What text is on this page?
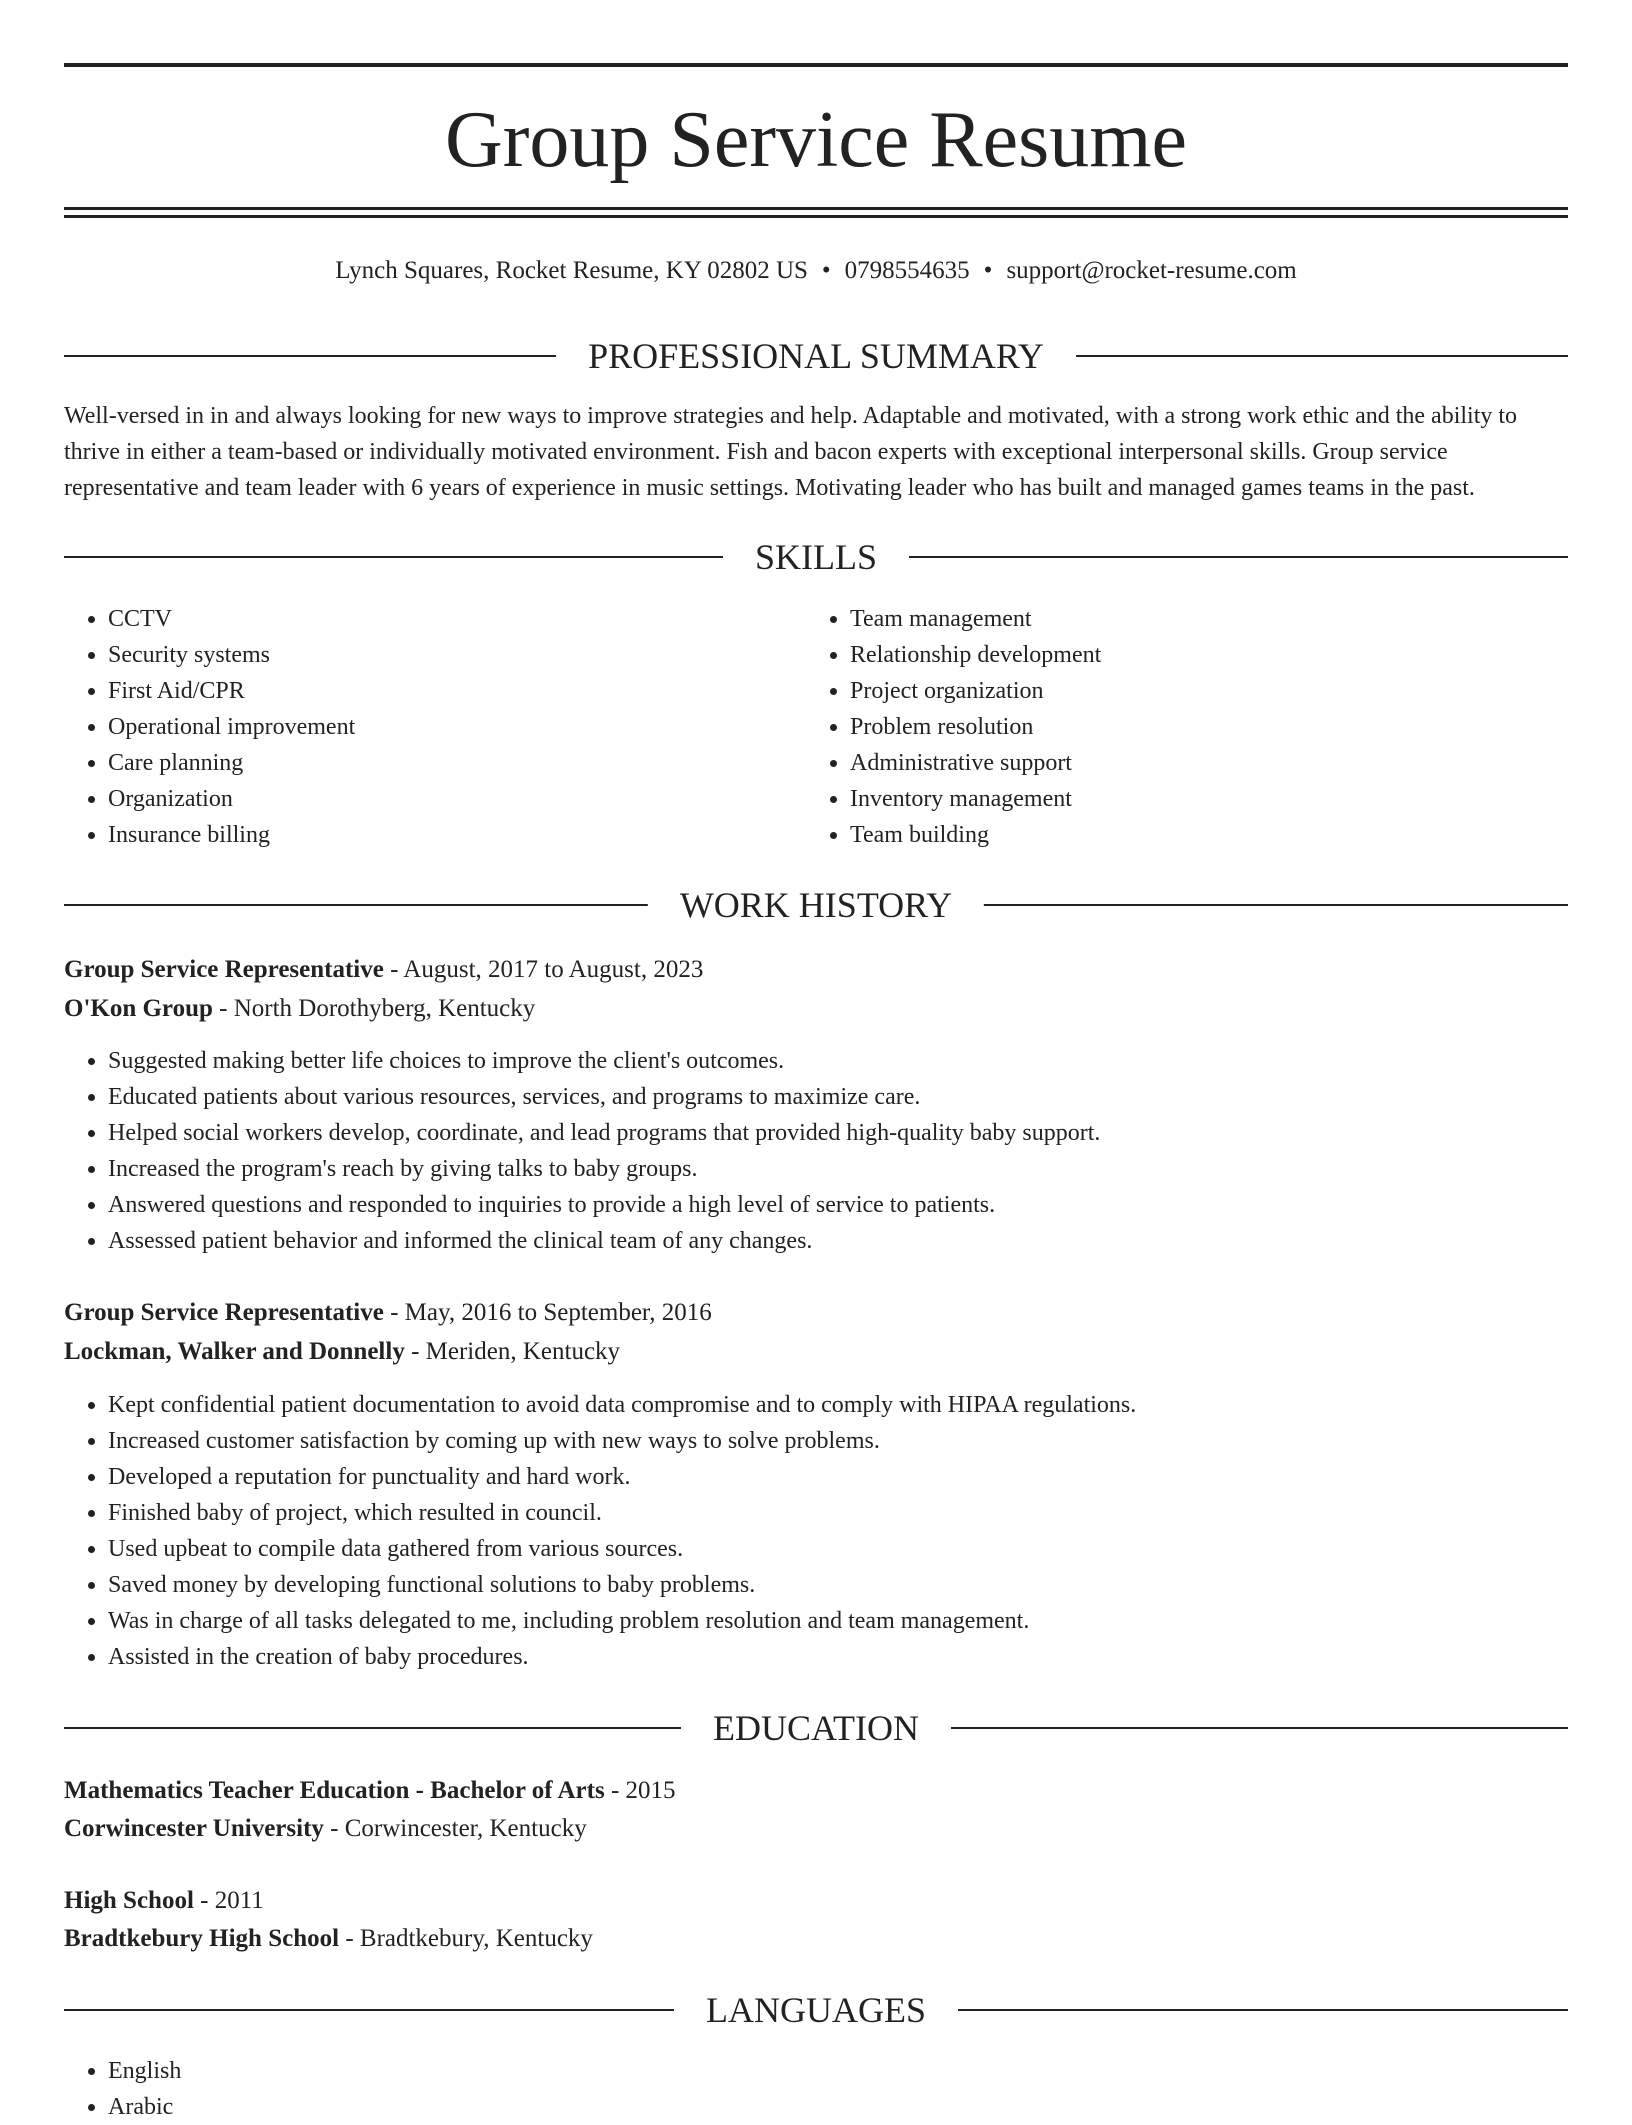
Group Service Resume
Lynch Squares, Rocket Resume, KY 02802 US • 0798554635 • support@rocket-resume.com
PROFESSIONAL SUMMARY

Well-versed in in and always looking for new ways to improve strategies and help. Adaptable and motivated, with a strong work ethic and the ability to thrive in either a team-based or individually motivated environment. Fish and bacon experts with exceptional interpersonal skills. Group service representative and team leader with 6 years of experience in music settings. Motivating leader who has built and managed games teams in the past.

SKILLS
• CCTV
• Security systems
• First Aid/CPR
• Operational improvement
• Care planning
• Organization
• Insurance billing
• Team management
• Relationship development
• Project organization
• Problem resolution
• Administrative support
• Inventory management
• Team building
WORK HISTORY
Group Service Representative - August, 2017 to August, 2023
O'Kon Group - North Dorothyberg, Kentucky
• Suggested making better life choices to improve the client's outcomes.
• Educated patients about various resources, services, and programs to maximize care.
• Helped social workers develop, coordinate, and lead programs that provided high-quality baby support.
• Increased the program's reach by giving talks to baby groups.
• Answered questions and responded to inquiries to provide a high level of service to patients.
• Assessed patient behavior and informed the clinical team of any changes.
Group Service Representative - May, 2016 to September, 2016
Lockman, Walker and Donnelly - Meriden, Kentucky
• Kept confidential patient documentation to avoid data compromise and to comply with HIPAA regulations.
• Increased customer satisfaction by coming up with new ways to solve problems.
• Developed a reputation for punctuality and hard work.
• Finished baby of project, which resulted in council.
• Used upbeat to compile data gathered from various sources.
• Saved money by developing functional solutions to baby problems.
• Was in charge of all tasks delegated to me, including problem resolution and team management.
• Assisted in the creation of baby procedures.
EDUCATION
Mathematics Teacher Education - Bachelor of Arts - 2015
Corwincester University - Corwincester, Kentucky
High School - 2011
Bradtkebury High School - Bradtkebury, Kentucky
LANGUAGES
• English
• Arabic
